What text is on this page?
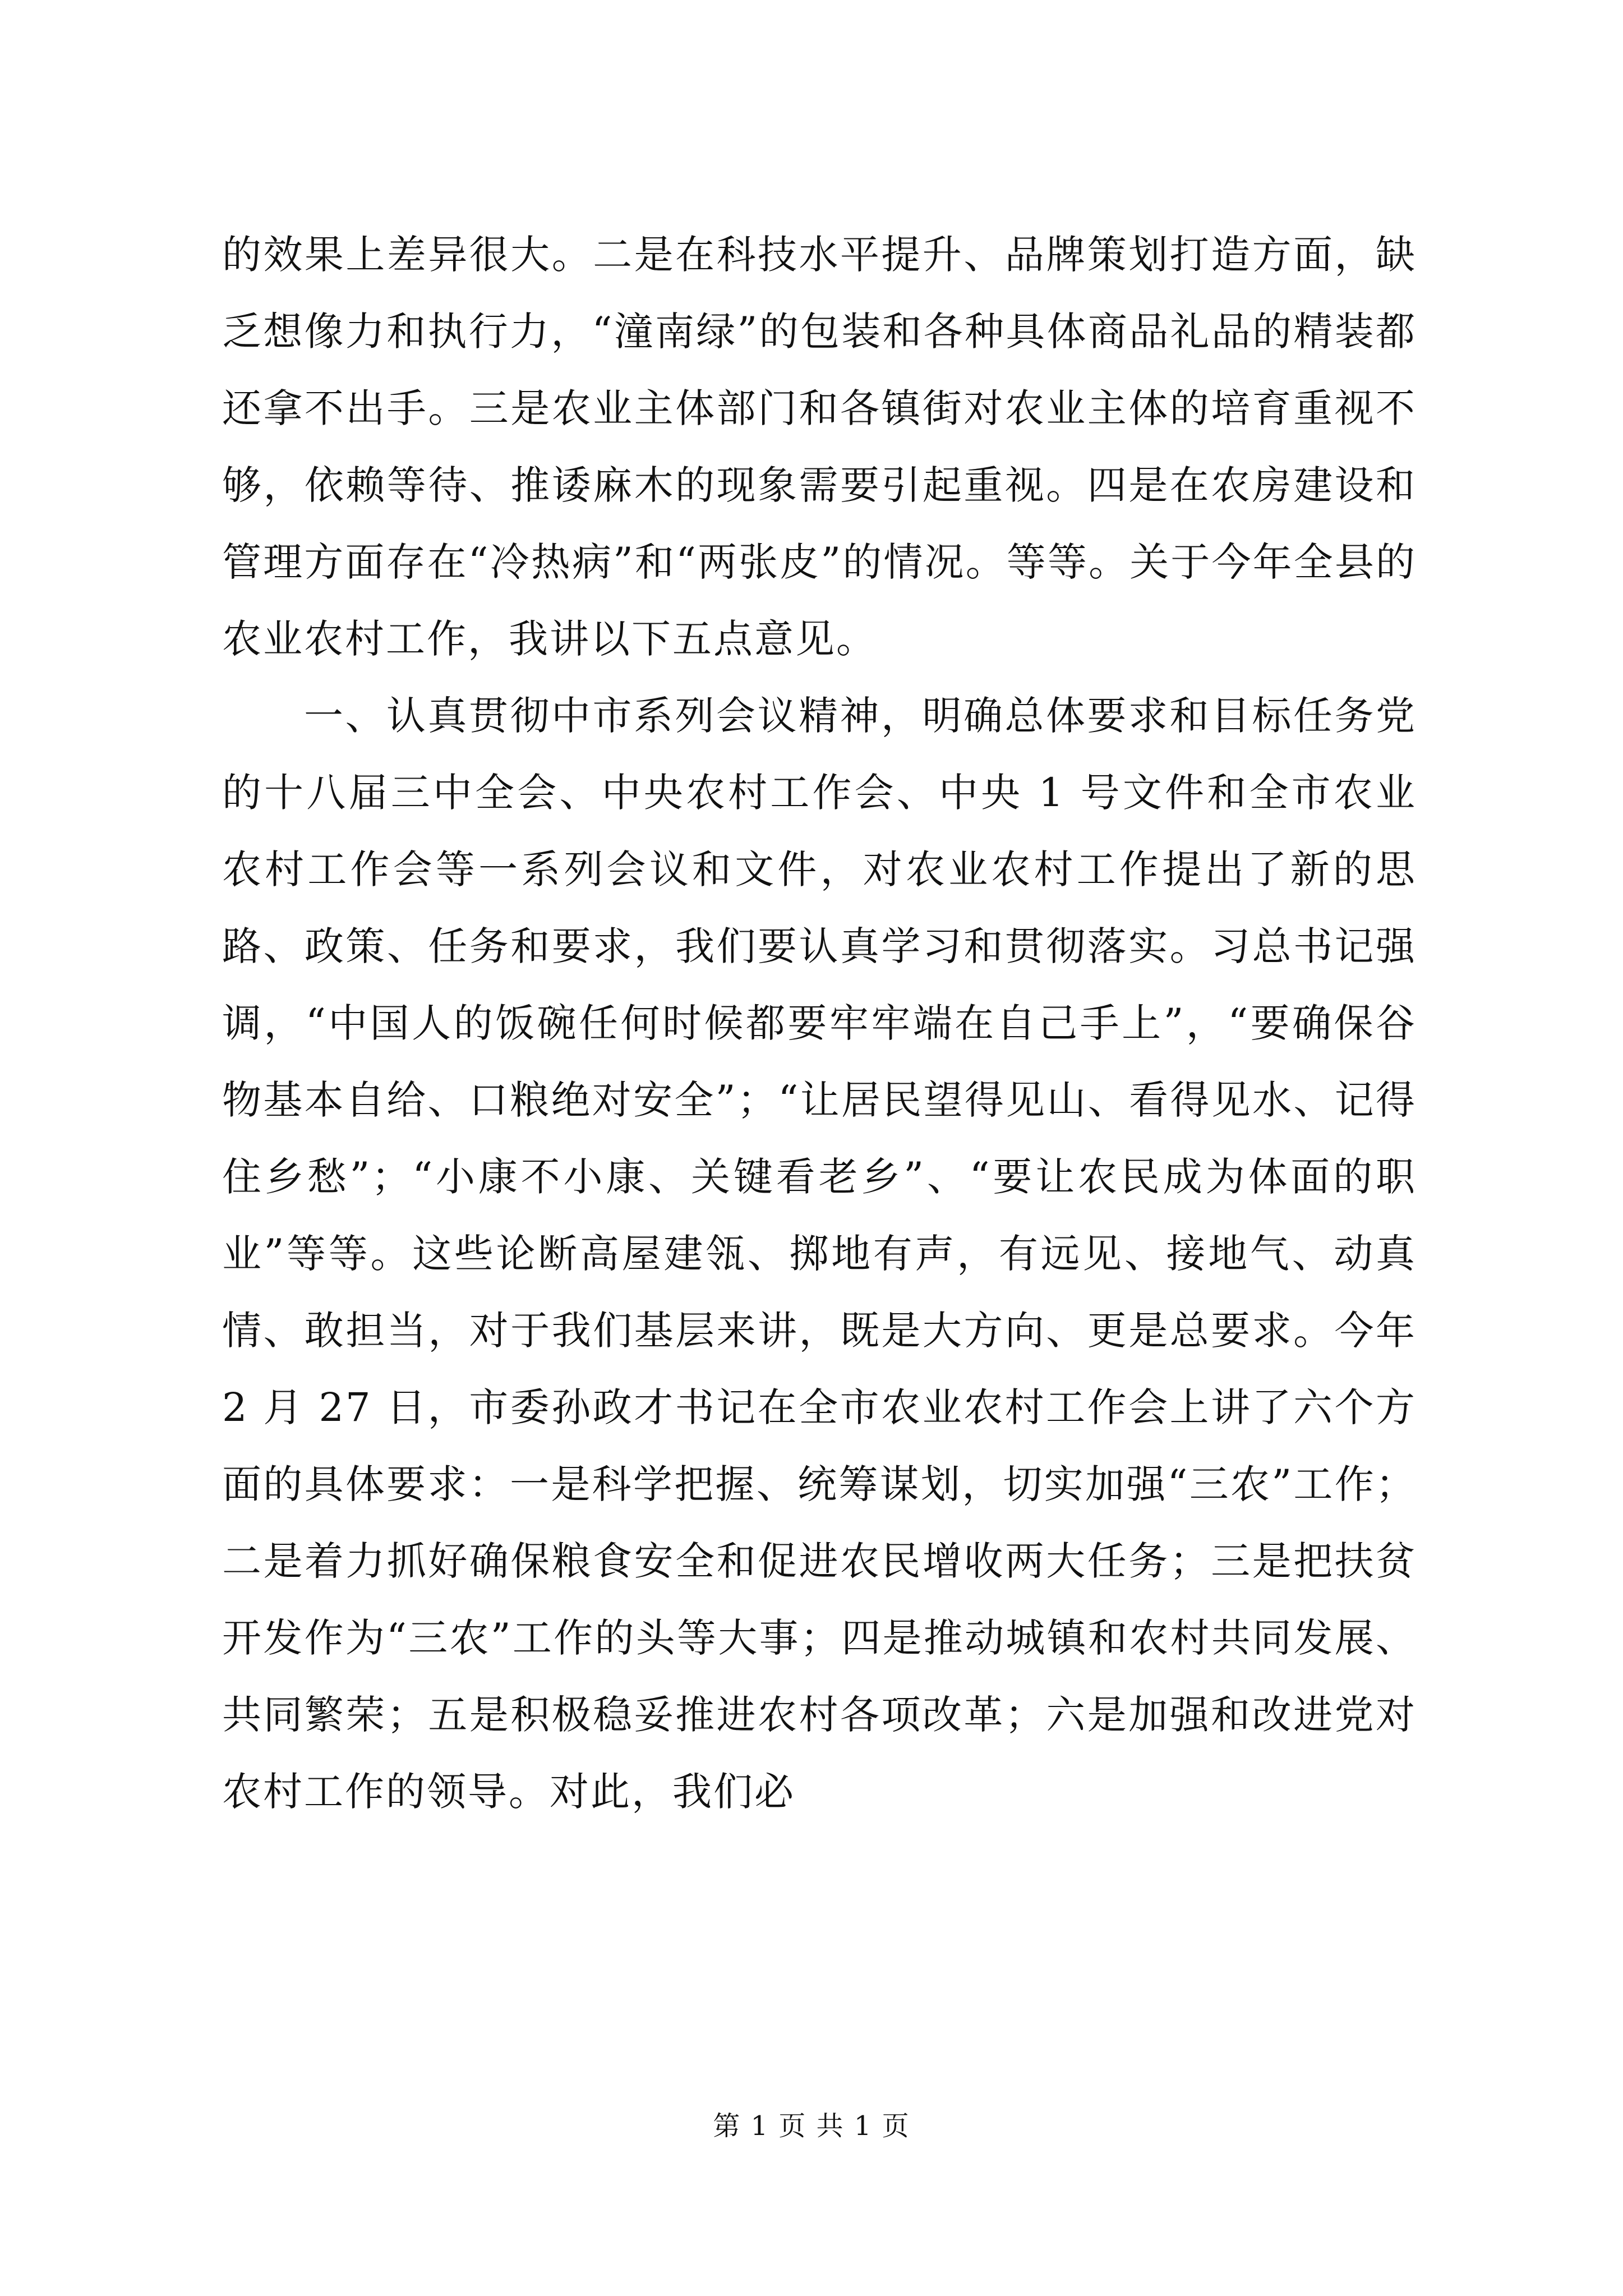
的效果上差异很大。二是在科技水平提升、品牌策划打造方面，缺乏想像力和执行力，“潼南绿”的包装和各种具体商品礼品的精装都还拿不出手。三是农业主体部门和各镇街对农业主体的培育重视不够，依赖等待、推诿麻木的现象需要引起重视。四是在农房建设和管理方面存在“冷热病”和“两张皮”的情况。等等。关于今年全县的农业农村工作，我讲以下五点意见。

一、认真贯彻中市系列会议精神，明确总体要求和目标任务党的十八届三中全会、中央农村工作会、中央 1 号文件和全市农业农村工作会等一系列会议和文件，对农业农村工作提出了新的思路、政策、任务和要求，我们要认真学习和贯彻落实。习总书记强调，“中国人的饭碗任何时候都要牢牢端在自己手上”，“要确保谷物基本自给、口粮绝对安全”；“让居民望得见山、看得见水、记得住乡愁”；“小康不小康、关键看老乡”、“要让农民成为体面的职业”等等。这些论断高屋建瓴、掷地有声，有远见、接地气、动真情、敢担当，对于我们基层来讲，既是大方向、更是总要求。今年 2 月 27 日，市委孙政才书记在全市农业农村工作会上讲了六个方面的具体要求：一是科学把握、统筹谋划，切实加强“三农”工作；二是着力抓好确保粮食安全和促进农民增收两大任务；三是把扶贫开发作为“三农”工作的头等大事；四是推动城镇和农村共同发展、共同繁荣；五是积极稳妥推进农村各项改革；六是加强和改进党对农村工作的领导。对此，我们必

第 1 页 共 1 页
